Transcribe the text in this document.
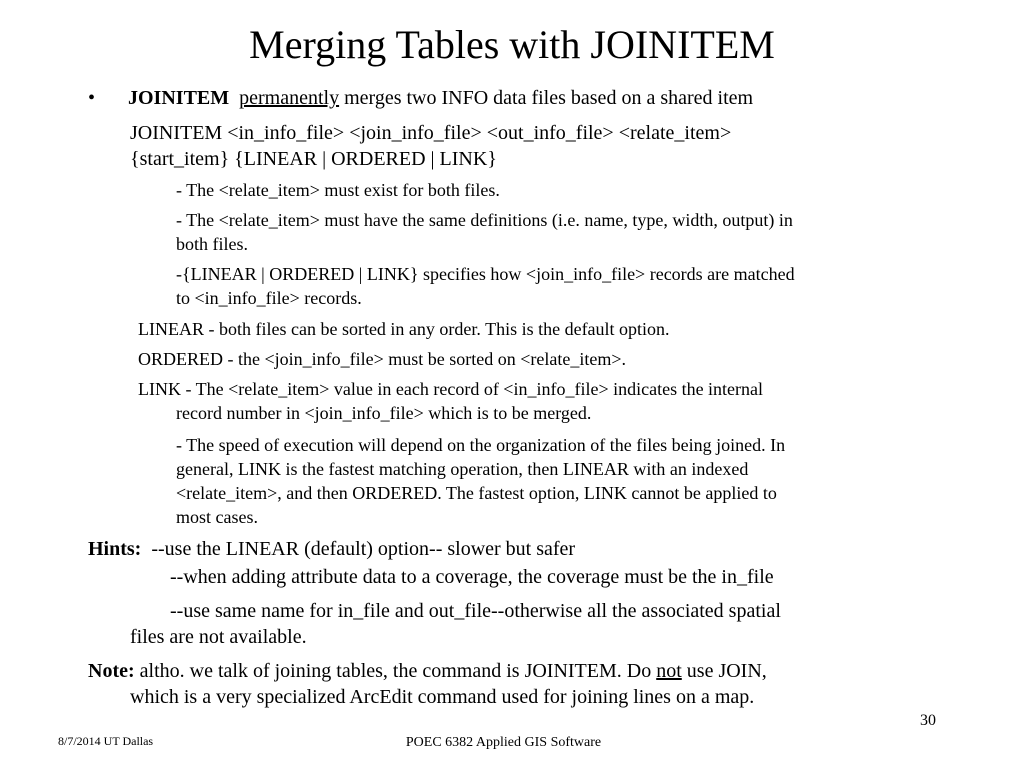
Merging Tables with JOINITEM
• JOINITEM permanently merges two INFO data files based on a shared item
JOINITEM <in_info_file> <join_info_file> <out_info_file> <relate_item>
{start_item} {LINEAR | ORDERED | LINK}
- The <relate_item> must exist for both files.
- The <relate_item> must have the same definitions (i.e. name, type, width, output) in
both files.
-{LINEAR | ORDERED | LINK} specifies how <join_info_file> records are matched
to <in_info_file> records.
LINEAR - both files can be sorted in any order. This is the default option.
ORDERED - the <join_info_file> must be sorted on <relate_item>.
LINK - The <relate_item> value in each record of <in_info_file> indicates the internal
record number in <join_info_file> which is to be merged.
- The speed of execution will depend on the organization of the files being joined. In
general, LINK is the fastest matching operation, then LINEAR with an indexed
<relate_item>, and then ORDERED. The fastest option, LINK cannot be applied to
most cases.
Hints: --use the LINEAR (default) option-- slower but safer
--when adding attribute data to a coverage, the coverage must be the in_file
--use same name for in_file and out_file--otherwise all the associated spatial
files are not available.
Note: altho. we talk of joining tables, the command is JOINITEM. Do not use JOIN,
which is a very specialized ArcEdit command used for joining lines on a map.
8/7/2014 UT Dallas	POEC 6382 Applied GIS Software
30
